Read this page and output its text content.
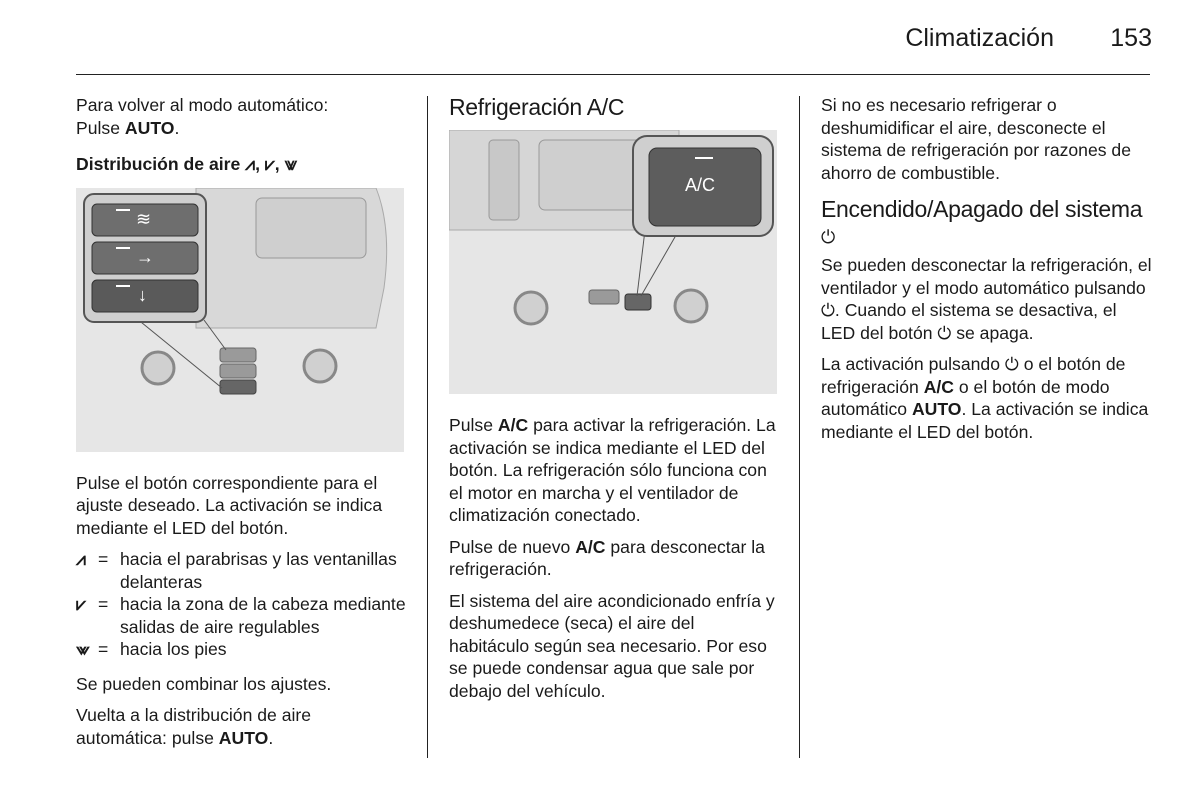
Climatización 153

Para volver al modo automático:
Pulse AUTO.

Distribución de aire ⩘, ⩗, ⩖
≋
→
↓

Pulse el botón correspondiente para el ajuste deseado. La activación se indica mediante el LED del botón.

⩘ = hacia el parabrisas y las ventanillas delanteras
⩗ = hacia la zona de la cabeza mediante salidas de aire regulables
⩖ = hacia los pies

Se pueden combinar los ajustes.

Vuelta a la distribución de aire automática: pulse AUTO.

Refrigeración A/C
A/C

Pulse A/C para activar la refrigeración. La activación se indica mediante el LED del botón. La refrigeración sólo funciona con el motor en marcha y el ventilador de climatización conectado.

Pulse de nuevo A/C para desconectar la refrigeración.

El sistema del aire acondicionado enfría y deshumedece (seca) el aire del habitáculo según sea necesario. Por eso se puede condensar agua que sale por debajo del vehículo.

Si no es necesario refrigerar o deshumidificar el aire, desconecte el sistema de refrigeración por razones de ahorro de combustible.

Encendido/Apagado del sistema ⏻

Se pueden desconectar la refrigeración, el ventilador y el modo automático pulsando ⏻. Cuando el sistema se desactiva, el LED del botón ⏻ se apaga.

La activación pulsando ⏻ o el botón de refrigeración A/C o el botón de modo automático AUTO. La activación se indica mediante el LED del botón.
